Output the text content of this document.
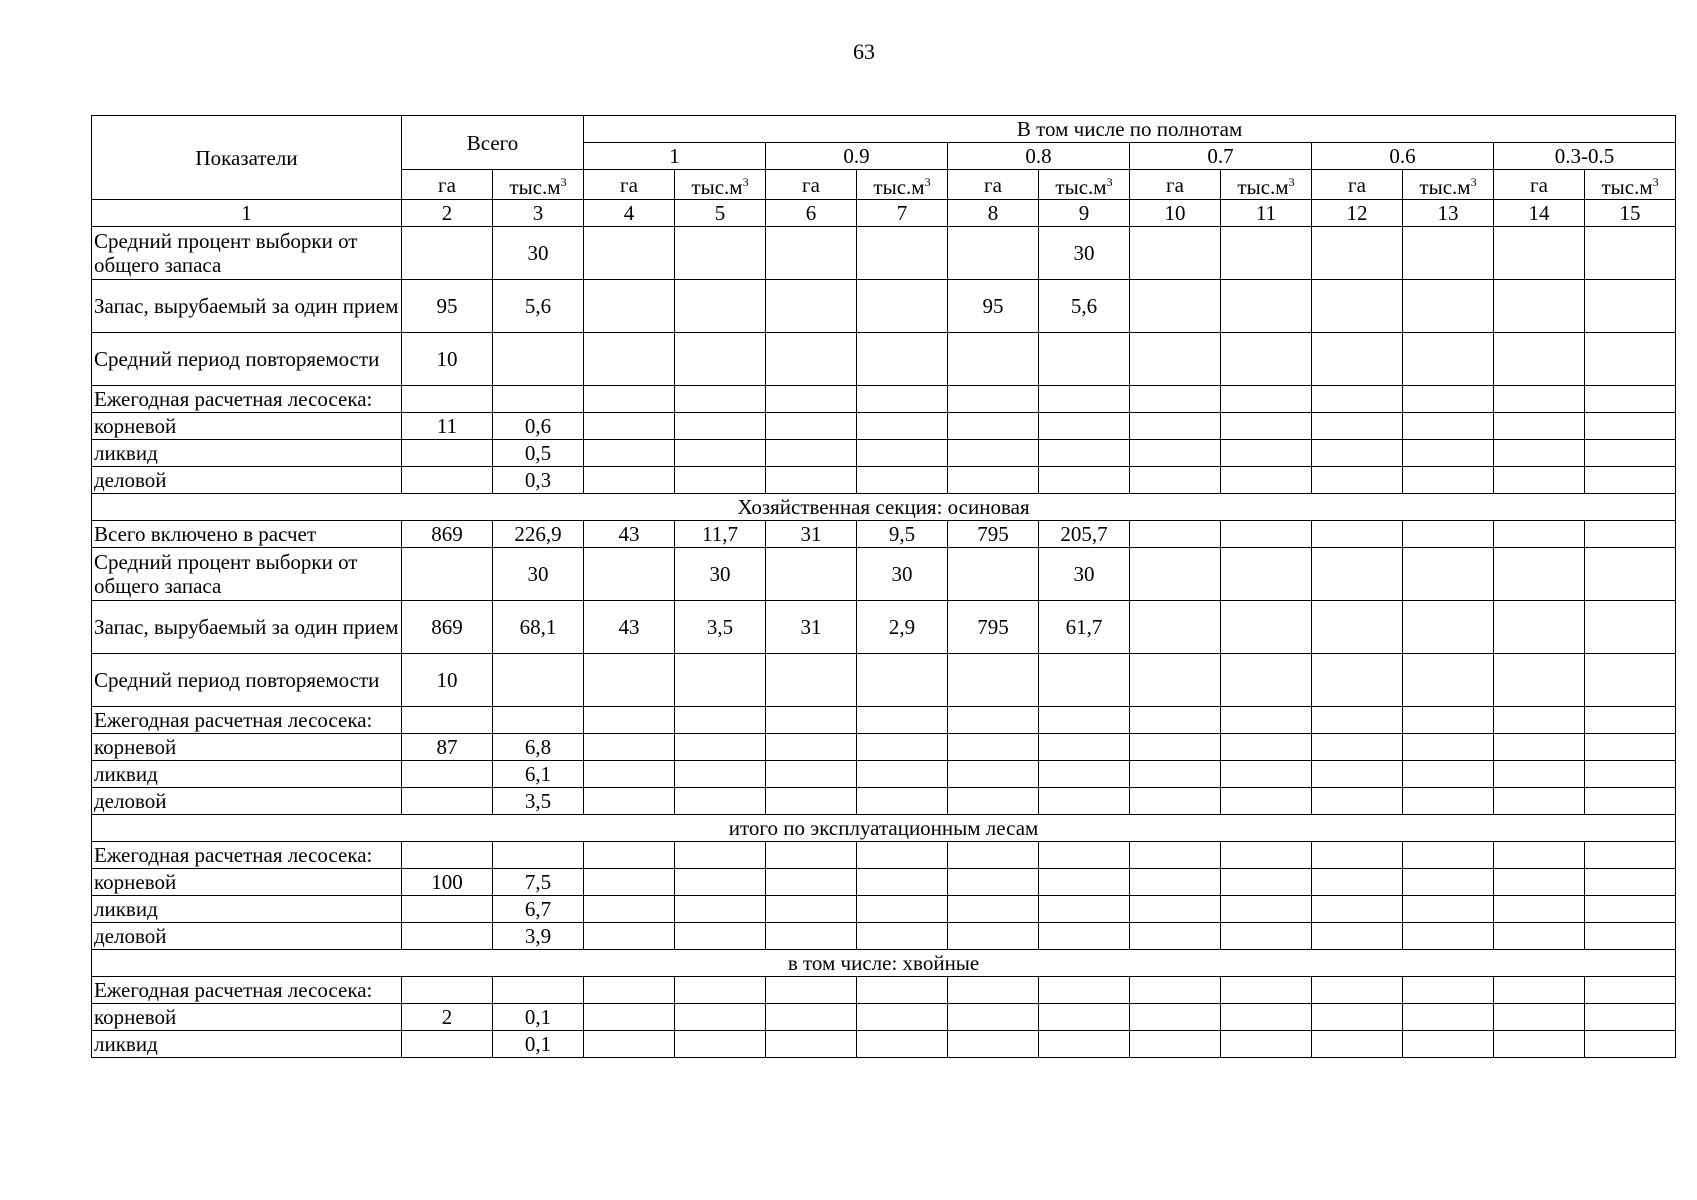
63
Показатели	Всего		В том числе по полнотам											
			1		0.9		0.8		0.7		0.6		0.3-0.5	
	га	$тыс.м^3$	га	$тыс.м^3$	га	$тыс.м^3$	га	$тыс.м^3$	га	$тыс.м^3$	га	$тыс.м^3$	га	$тыс.м^3$
1	2	3	4	5	6	7	8	9	10	11	12	13	14	15
Средний процент выборки от общего запаса		30						30						
Запас, вырубаемый за один прием	95	5,6					95	5,6						
Средний период повторяемости	10													
Ежегодная расчетная лесосека:														
корневой	11	0,6												
ликвид		0,5												
деловой		0,3												
Хозяйственная секция: осиновая														
Всего включено в расчет	869	226,9	43	11,7	31	9,5	795	205,7						
Средний процент выборки от общего запаса		30		30		30		30						
Запас, вырубаемый за один прием	869	68,1	43	3,5	31	2,9	795	61,7						
Средний период повторяемости	10													
Ежегодная расчетная лесосека:														
корневой	87	6,8												
ликвид		6,1												
деловой		3,5												
итого по эксплуатационным лесам														
Ежегодная расчетная лесосека:														
корневой	100	7,5												
ликвид		6,7												
деловой		3,9												
в том числе: хвойные														
Ежегодная расчетная лесосека:														
корневой	2	0,1												
ликвид		0,1												
